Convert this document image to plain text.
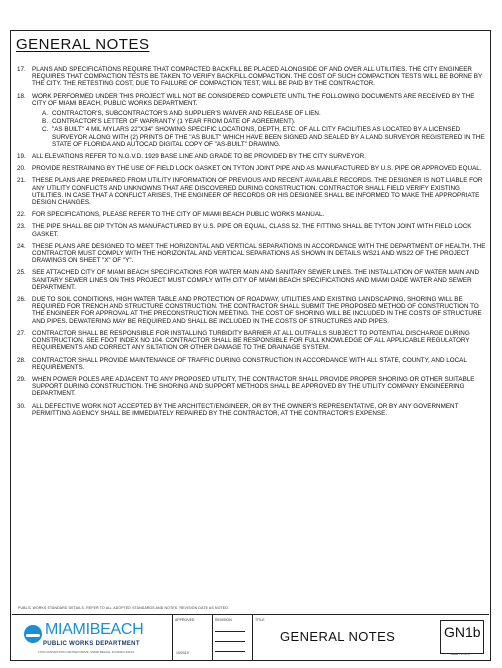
GENERAL NOTES
17. PLANS AND SPECIFICATIONS REQUIRE THAT COMPACTED BACKFILL BE PLACED ALONGSIDE OF AND OVER ALL UTILITIES. THE CITY ENGINEER REQUIRES THAT COMPACTION TESTS BE TAKEN TO VERIFY BACKFILL COMPACTION. THE COST OF SUCH COMPACTION TESTS WILL BE BORNE BY THE CITY. THE RETESTING COST, DUE TO FAILURE OF COMPACTION TEST, WILL BE PAID BY THE CONTRACTOR.
18. WORK PERFORMED UNDER THIS PROJECT WILL NOT BE CONSIDERED COMPLETE UNTIL THE FOLLOWING DOCUMENTS ARE RECEIVED BY THE CITY OF MIAMI BEACH, PUBLIC WORKS DEPARTMENT.
A. CONTRACTOR'S, SUBCONTRACTOR'S AND SUPPLIER'S WAIVER AND RELEASE OF LIEN.
B. CONTRACTOR'S LETTER OF WARRANTY (1 YEAR FROM DATE OF AGREEMENT).
C. "AS BUILT" 4 MIL MYLARS 22"X34" SHOWING SPECIFIC LOCATIONS, DEPTH, ETC. OF ALL CITY FACILITIES AS LOCATED BY A LICENSED SURVEYOR ALONG WITH (2) PRINTS OF THE "AS BUILT" WHICH HAVE BEEN SIGNED AND SEALED BY A LAND SURVEYOR REGISTERED IN THE STATE OF FLORIDA AND AUTOCAD DIGITAL COPY OF "AS-BUILT" DRAWING.
19. ALL ELEVATIONS REFER TO N.G.V.D. 1929 BASE LINE AND GRADE TO BE PROVIDED BY THE CITY SURVEYOR.
20. PROVIDE RESTRAINING BY THE USE OF FIELD LOCK GASKET ON TYTON JOINT PIPE AND AS MANUFACTURED BY U.S. PIPE OR APPROVED EQUAL.
21. THESE PLANS ARE PREPARED FROM UTILITY INFORMATION OF PREVIOUS AND RECENT AVAILABLE RECORDS. THE DESIGNER IS NOT LIABLE FOR ANY UTILITY CONFLICTS AND UNKNOWNS THAT ARE DISCOVERED DURING CONSTRUCTION. CONTRACTOR SHALL FIELD VERIFY EXISTING UTILITIES. IN CASE THAT A CONFLICT ARISES, THE ENGINEER OF RECORDS OR HIS DESIGNEE SHALL BE INFORMED TO MAKE THE APPROPRIATE DESIGN CHANGES.
22. FOR SPECIFICATIONS, PLEASE REFER TO THE CITY OF MIAMI BEACH PUBLIC WORKS MANUAL.
23. THE PIPE SHALL BE DIP TYTON AS MANUFACTURED BY U.S. PIPE OR EQUAL, CLASS 52. THE FITTING SHALL BE TYTON JOINT WITH FIELD LOCK GASKET.
24. THESE PLANS ARE DESIGNED TO MEET THE HORIZONTAL AND VERTICAL SEPARATIONS IN ACCORDANCE WITH THE DEPARTMENT OF HEALTH. THE CONTRACTOR MUST COMPLY WITH THE HORIZONTAL AND VERTICAL SEPARATIONS AS SHOWN IN DETAILS WS21 AND WS22 OF THE PROJECT DRAWINGS ON SHEET "X" OF "Y".
25. SEE ATTACHED CITY OF MIAMI BEACH SPECIFICATIONS FOR WATER MAIN AND SANITARY SEWER LINES. THE INSTALLATION OF WATER MAIN AND SANITARY SEWER LINES ON THIS PROJECT MUST COMPLY WITH CITY OF MIAMI BEACH SPECIFICATIONS AND MIAMI DADE WATER AND SEWER DEPARTMENT.
26. DUE TO SOIL CONDITIONS, HIGH WATER TABLE AND PROTECTION OF ROADWAY, UTILITIES AND EXISTING LANDSCAPING, SHORING WILL BE REQUIRED FOR TRENCH AND STRUCTURE CONSTRUCTION. THE CONTRACTOR SHALL SUBMIT THE PROPOSED METHOD OF CONSTRUCTION TO THE ENGINEER FOR APPROVAL AT THE PRECONSTRUCTION MEETING. THE COST OF SHORING WILL BE INCLUDED IN THE COSTS OF STRUCTURE AND PIPES. DEWATERING MAY BE REQUIRED AND SHALL BE INCLUDED IN THE COSTS OF STRUCTURES AND PIPES.
27. CONTRACTOR SHALL BE RESPONSIBLE FOR INSTALLING TURBIDITY BARRIER AT ALL OUTFALLS SUBJECT TO POTENTIAL DISCHARGE DURING CONSTRUCTION. SEE FDOT INDEX NO 104. CONTRACTOR SHALL BE RESPONSIBLE FOR FULL KNOWLEDGE OF ALL APPLICABLE REGULATORY REQUIREMENTS AND CORRECT ANY SILTATION OR OTHER DAMAGE TO THE DRAINAGE SYSTEM.
28. CONTRACTOR SHALL PROVIDE MAINTENANCE OF TRAFFIC DURING CONSTRUCTION IN ACCORDANCE WITH ALL STATE, COUNTY, AND LOCAL REQUIREMENTS.
29. WHEN POWER POLES ARE ADJACENT TO ANY PROPOSED UTILITY, THE CONTRACTOR SHALL PROVIDE PROPER SHORING OR OTHER SUITABLE SUPPORT DURING CONSTRUCTION. THE SHORING AND SUPPORT METHODS SHALL BE APPROVED BY THE UTILITY COMPANY ENGINEERING DEPARTMENT.
30. ALL DEFECTIVE WORK NOT ACCEPTED BY THE ARCHITECT/ENGINEER, OR BY THE OWNER'S REPRESENTATIVE, OR BY ANY GOVERNMENT PERMITTING AGENCY SHALL BE IMMEDIATELY REPAIRED BY THE CONTRACTOR, AT THE CONTRACTOR'S EXPENSE.
PUBLIC WORKS STANDARD DETAILS. REFER TO ALL ADOPTED STANDARDS AND NOTES. REVISION DATE AS NOTED.
MIAMIBEACH
PUBLIC WORKS DEPARTMENT
1700 CONVENTION CENTER DRIVE, MIAMI BEACH, FLORIDA 33139
APPROVED
10/2019
REVISION	TITLE
GENERAL NOTES	GN1b
SHEET 2 OF 2
